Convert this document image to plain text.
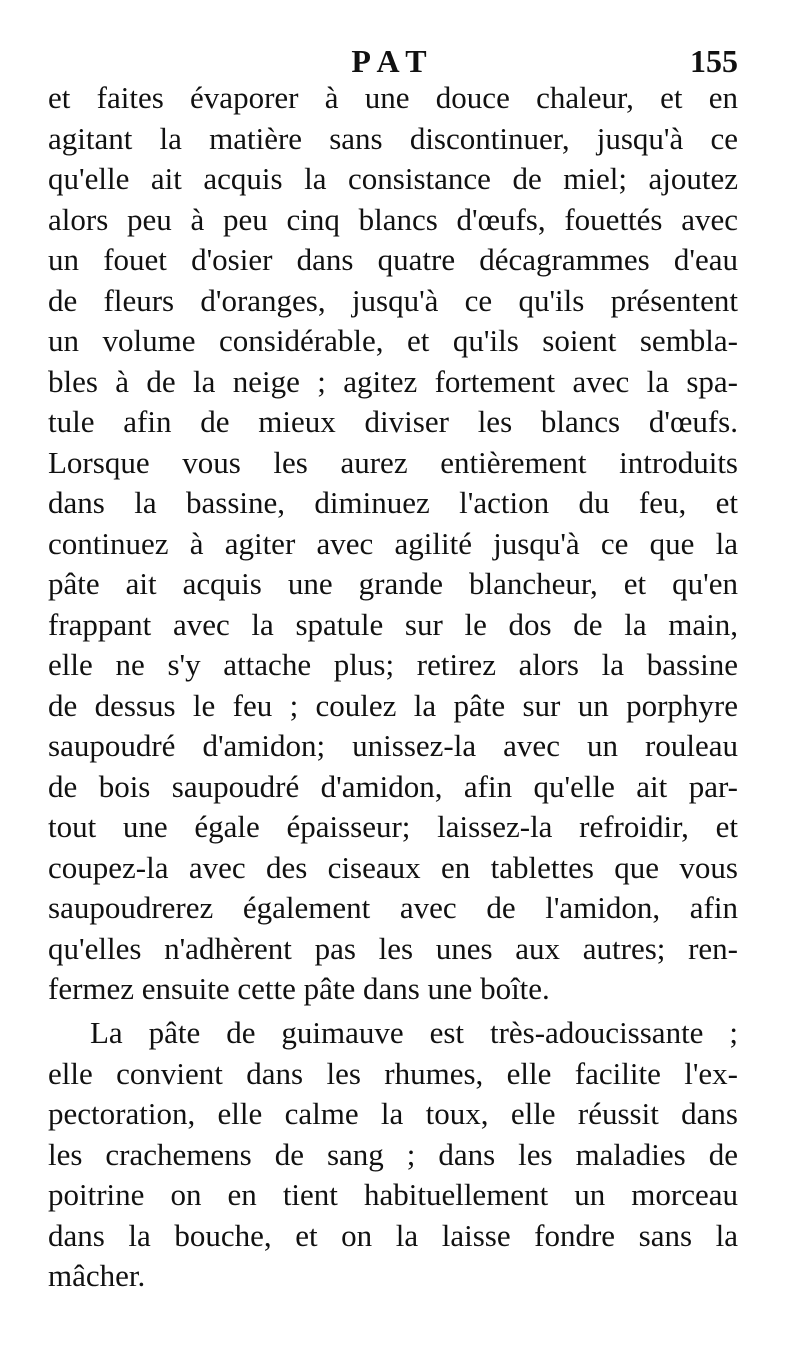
PAT	155
et faites évaporer à une douce chaleur, et en
agitant la matière sans discontinuer, jusqu'à ce
qu'elle ait acquis la consistance de miel; ajoutez
alors peu à peu cinq blancs d'œufs, fouettés avec
un fouet d'osier dans quatre décagrammes d'eau
de fleurs d'oranges, jusqu'à ce qu'ils présentent
un volume considérable, et qu'ils soient sembla-
bles à de la neige ; agitez fortement avec la spa-
tule afin de mieux diviser les blancs d'œufs.
Lorsque vous les aurez entièrement introduits
dans la bassine, diminuez l'action du feu, et
continuez à agiter avec agilité jusqu'à ce que la
pâte ait acquis une grande blancheur, et qu'en
frappant avec la spatule sur le dos de la main,
elle ne s'y attache plus; retirez alors la bassine
de dessus le feu ; coulez la pâte sur un porphyre
saupoudré d'amidon; unissez-la avec un rouleau
de bois saupoudré d'amidon, afin qu'elle ait par-
tout une égale épaisseur; laissez-la refroidir, et
coupez-la avec des ciseaux en tablettes que vous
saupoudrerez également avec de l'amidon, afin
qu'elles n'adhèrent pas les unes aux autres; ren-
fermez ensuite cette pâte dans une boîte.
La pâte de guimauve est très-adoucissante ;
elle convient dans les rhumes, elle facilite l'ex-
pectoration, elle calme la toux, elle réussit dans
les crachemens de sang ; dans les maladies de
poitrine on en tient habituellement un morceau
dans la bouche, et on la laisse fondre sans la
mâcher.
